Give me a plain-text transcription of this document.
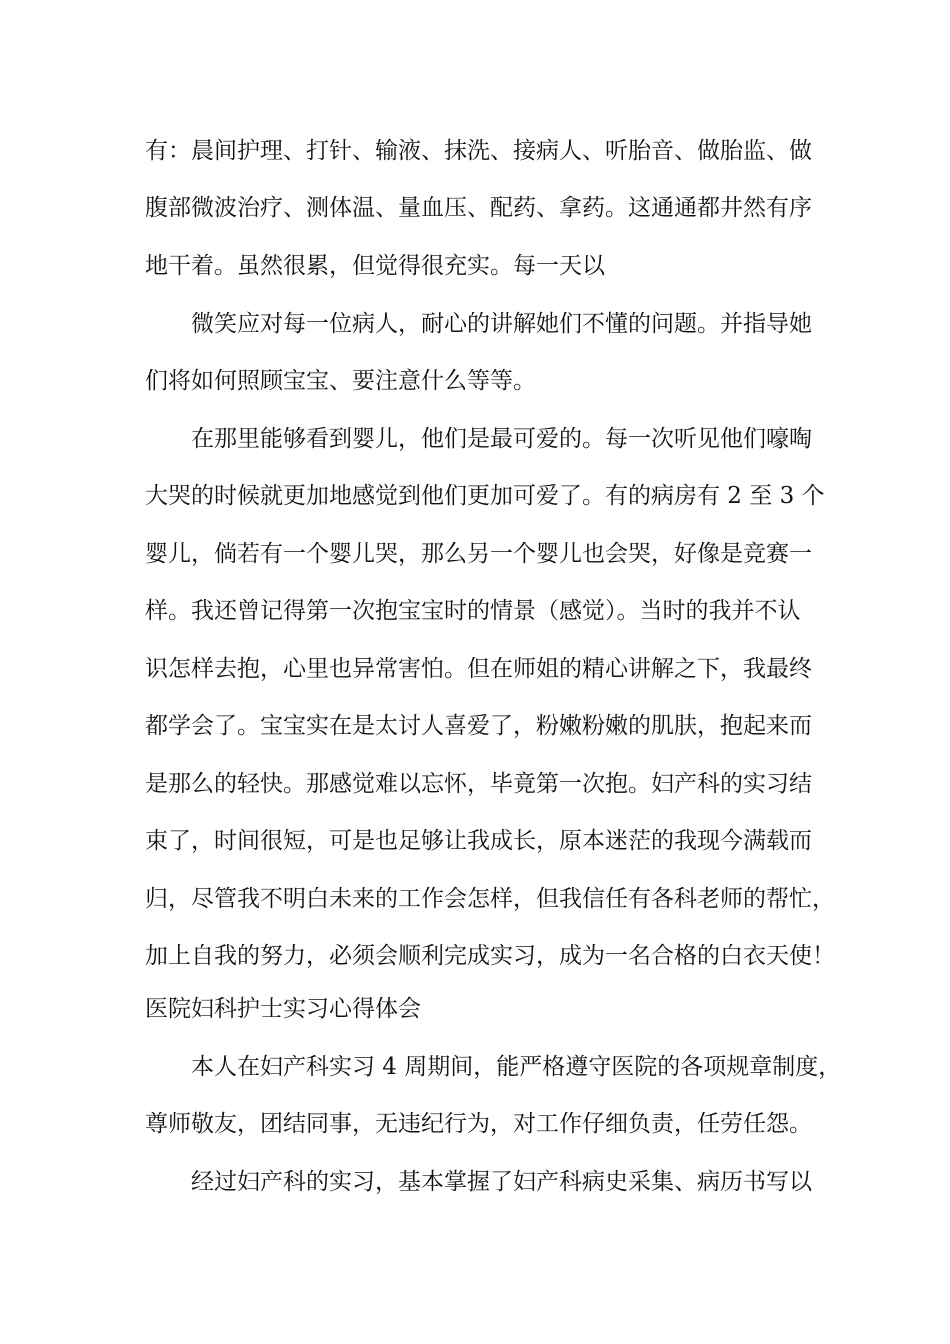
有：晨间护理、打针、输液、抹洗、接病人、听胎音、做胎监、做
腹部微波治疗、测体温、量血压、配药、拿药。这通通都井然有序
地干着。虽然很累，但觉得很充实。每一天以
微笑应对每一位病人，耐心的讲解她们不懂的问题。并指导她
们将如何照顾宝宝、要注意什么等等。
在那里能够看到婴儿，他们是最可爱的。每一次听见他们嚎啕
大哭的时候就更加地感觉到他们更加可爱了。有的病房有 2 至 3 个
婴儿，倘若有一个婴儿哭，那么另一个婴儿也会哭，好像是竞赛一
样。我还曾记得第一次抱宝宝时的情景（感觉）。当时的我并不认
识怎样去抱，心里也异常害怕。但在师姐的精心讲解之下，我最终
都学会了。宝宝实在是太讨人喜爱了，粉嫩粉嫩的肌肤，抱起来而
是那么的轻快。那感觉难以忘怀，毕竟第一次抱。妇产科的实习结
束了，时间很短，可是也足够让我成长，原本迷茫的我现今满载而
归，尽管我不明白未来的工作会怎样，但我信任有各科老师的帮忙，
加上自我的努力，必须会顺利完成实习，成为一名合格的白衣天使！
医院妇科护士实习心得体会
本人在妇产科实习 4 周期间，能严格遵守医院的各项规章制度，
尊师敬友，团结同事，无违纪行为，对工作仔细负责，任劳任怨。
经过妇产科的实习，基本掌握了妇产科病史采集、病历书写以
